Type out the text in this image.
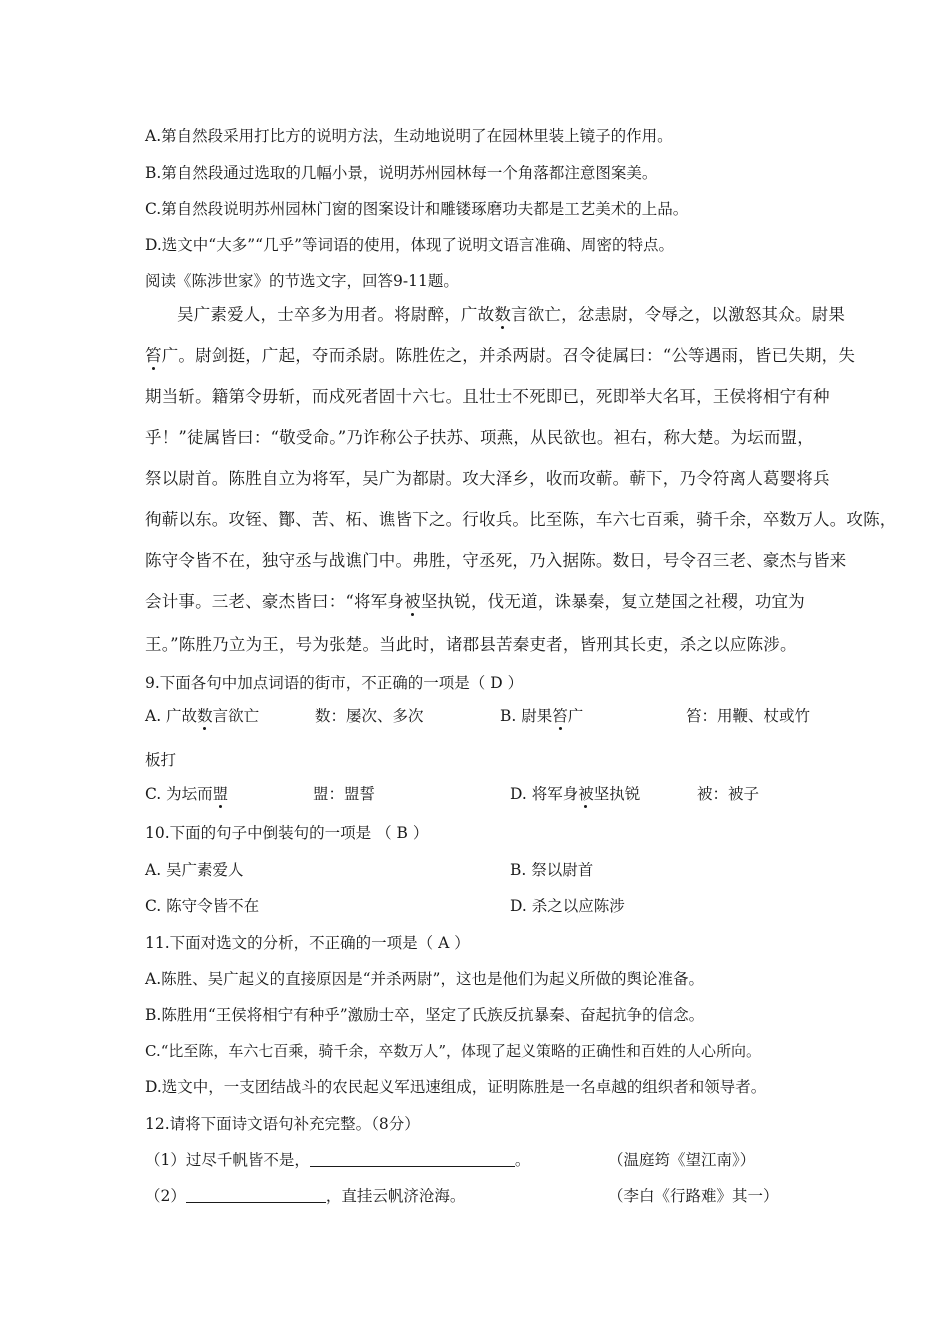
A.第自然段采用打比方的说明方法，生动地说明了在园林里装上镜子的作用。
B.第自然段通过选取的几幅小景，说明苏州园林每一个角落都注意图案美。
C.第自然段说明苏州园林门窗的图案设计和雕镂琢磨功夫都是工艺美术的上品。
D.选文中“大多”“几乎”等词语的使用，体现了说明文语言准确、周密的特点。
阅读《陈涉世家》的节选文字，回答9-11题。
吴广素爱人，士卒多为用者。将尉醉，广故数言欲亡，忿恚尉，令辱之，以激怒其众。尉果
笞广。尉剑挺，广起，夺而杀尉。陈胜佐之，并杀两尉。召令徒属曰：“公等遇雨，皆已失期，失
期当斩。籍第令毋斩，而戍死者固十六七。且壮士不死即已，死即举大名耳，王侯将相宁有种
乎！”徒属皆曰：“敬受命。”乃诈称公子扶苏、项燕，从民欲也。袒右，称大楚。为坛而盟，
祭以尉首。陈胜自立为将军，吴广为都尉。攻大泽乡，收而攻蕲。蕲下，乃令符离人葛婴将兵
徇蕲以东。攻铚、酇、苦、柘、谯皆下之。行收兵。比至陈，车六七百乘，骑千余，卒数万人。攻陈，
陈守令皆不在，独守丞与战谯门中。弗胜，守丞死，乃入据陈。数日，号令召三老、豪杰与皆来
会计事。三老、豪杰皆曰：“将军身被坚执锐，伐无道，诛暴秦，复立楚国之社稷，功宜为
王。”陈胜乃立为王，号为张楚。当此时，诸郡县苦秦吏者，皆刑其长吏，杀之以应陈涉。
9.下面各句中加点词语的街市，不正确的一项是（ D ）
A. 广故数言欲亡	数：屡次、多次	B. 尉果笞广	笞：用鞭、杖或竹
板打
C. 为坛而盟	盟：盟誓	D. 将军身被坚执锐	被：被子
10.下面的句子中倒装句的一项是 （ B ）
A. 吴广素爱人	B. 祭以尉首
C. 陈守令皆不在	D. 杀之以应陈涉
11.下面对选文的分析，不正确的一项是（ A ）
A.陈胜、吴广起义的直接原因是“并杀两尉”，这也是他们为起义所做的舆论准备。
B.陈胜用“王侯将相宁有种乎”激励士卒，坚定了氏族反抗暴秦、奋起抗争的信念。
C.“比至陈，车六七百乘，骑千余，卒数万人”，体现了起义策略的正确性和百姓的人心所向。
D.选文中，一支团结战斗的农民起义军迅速组成，证明陈胜是一名卓越的组织者和领导者。
12.请将下面诗文语句补充完整。（8分）
（1）过尽千帆皆不是，	。	（温庭筠《望江南》）
（2）	，直挂云帆济沧海。	（李白《行路难》其一）
